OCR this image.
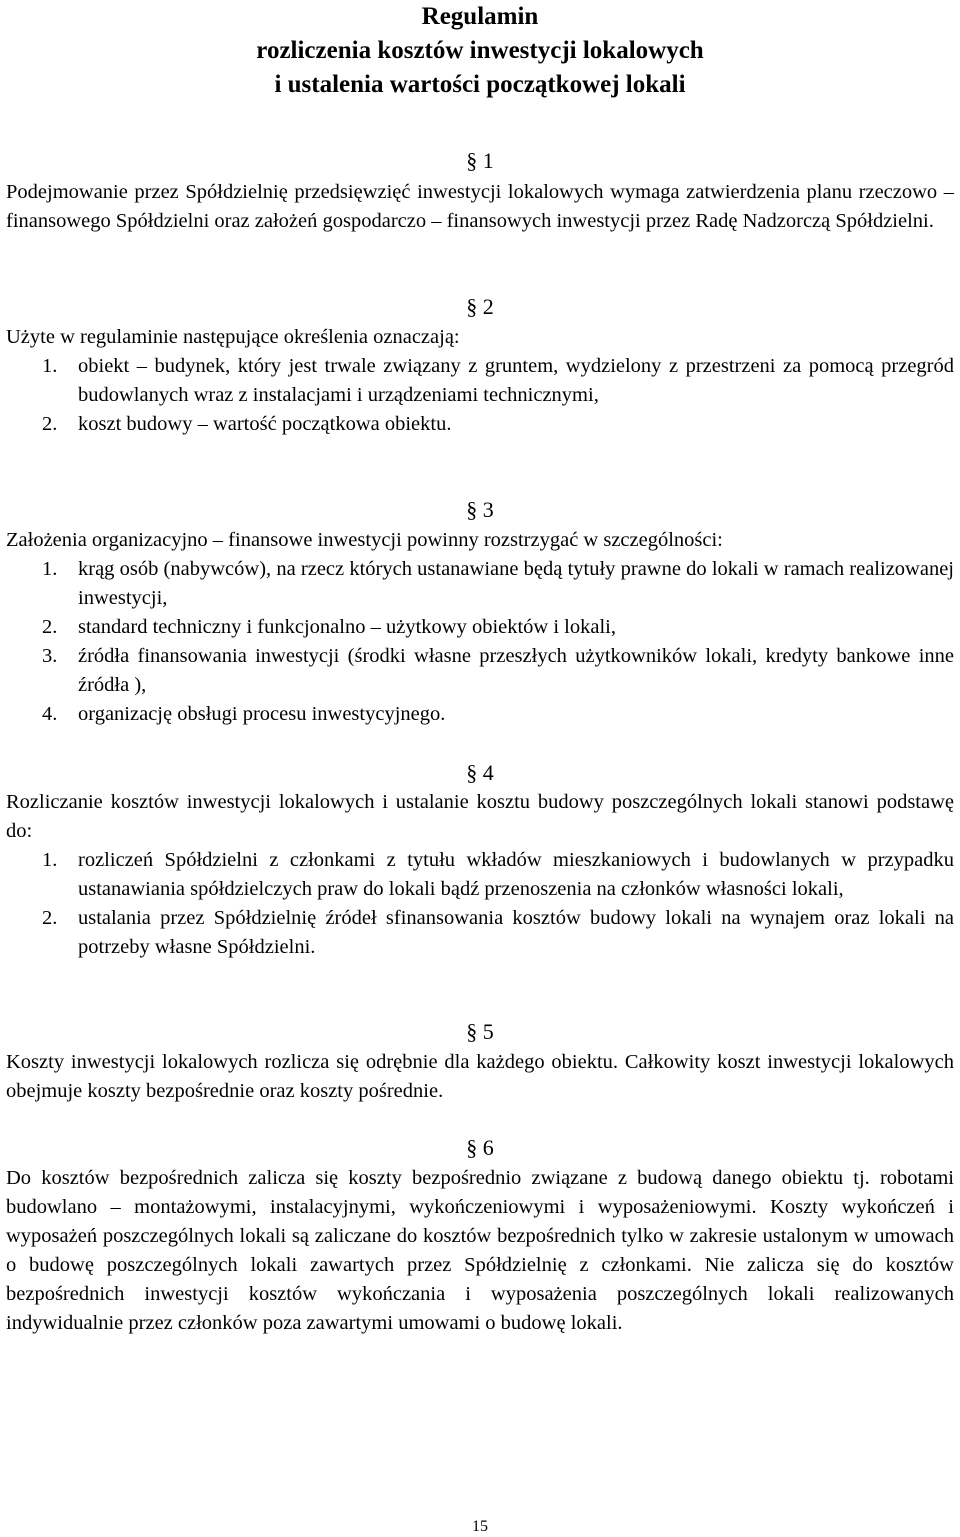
Regulamin
rozliczenia kosztów inwestycji lokalowych
i ustalenia wartości początkowej lokali
§ 1
Podejmowanie przez Spółdzielnię przedsięwzięć inwestycji lokalowych wymaga zatwierdzenia planu rzeczowo – finansowego Spółdzielni oraz założeń gospodarczo – finansowych inwestycji przez Radę Nadzorczą Spółdzielni.
§ 2
Użyte w regulaminie następujące określenia oznaczają:
1. obiekt – budynek, który jest trwale związany z gruntem, wydzielony z przestrzeni za pomocą przegród budowlanych wraz z instalacjami i urządzeniami technicznymi,
2. koszt budowy – wartość początkowa obiektu.
§ 3
Założenia organizacyjno – finansowe inwestycji powinny rozstrzygać w szczególności:
1. krąg osób (nabywców), na rzecz których ustanawiane będą tytuły prawne do lokali w ramach realizowanej inwestycji,
2. standard techniczny i funkcjonalno – użytkowy obiektów i lokali,
3. źródła finansowania inwestycji (środki własne przeszłych użytkowników lokali, kredyty bankowe inne źródła ),
4. organizację obsługi procesu inwestycyjnego.
§ 4
Rozliczanie kosztów inwestycji lokalowych i ustalanie kosztu budowy poszczególnych lokali stanowi podstawę do:
1. rozliczeń Spółdzielni z członkami z tytułu wkładów mieszkaniowych i budowlanych w przypadku ustanawiania spółdzielczych praw do lokali bądź przenoszenia na członków własności lokali,
2. ustalania przez Spółdzielnię źródeł sfinansowania kosztów budowy lokali na wynajem oraz lokali na potrzeby własne Spółdzielni.
§ 5
Koszty inwestycji lokalowych rozlicza się odrębnie dla każdego obiektu. Całkowity koszt inwestycji lokalowych obejmuje koszty bezpośrednie oraz koszty pośrednie.
§ 6
Do kosztów bezpośrednich zalicza się koszty bezpośrednio związane z budową danego obiektu tj. robotami budowlano – montażowymi, instalacyjnymi, wykończeniowymi i wyposażeniowymi. Koszty wykończeń i wyposażeń poszczególnych lokali są zaliczane do kosztów bezpośrednich tylko w zakresie ustalonym w umowach o budowę poszczególnych lokali zawartych przez Spółdzielnię z członkami. Nie zalicza się do kosztów bezpośrednich inwestycji kosztów wykończania i wyposażenia poszczególnych lokali realizowanych indywidualnie przez członków poza zawartymi umowami o budowę lokali.
15
